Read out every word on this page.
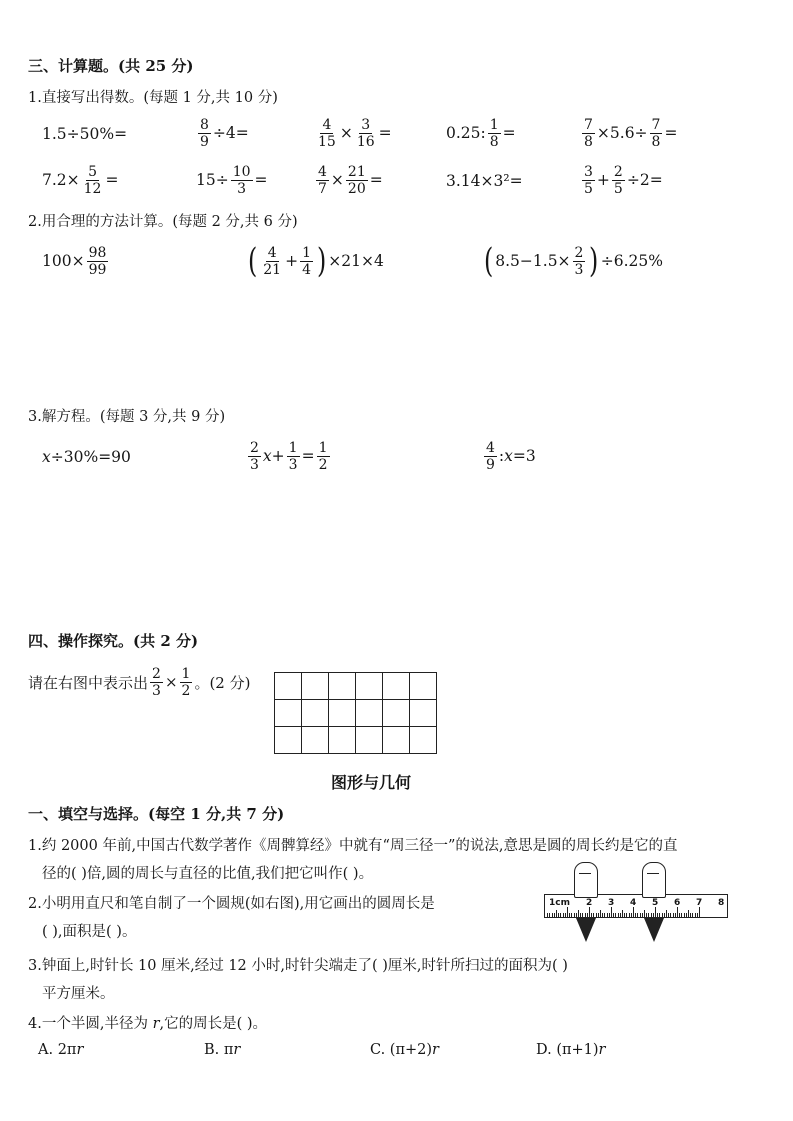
三、计算题。(共 25 分)
1.直接写出得数。(每题 1 分,共 10 分)
1.5÷50%=	$\frac{8}{9} \div 4=$	$\frac{4}{15} \times \frac{3}{16}$ =	0.25: $\frac{1}{8}$ =	$\frac{7}{8} \times 5.6\div \frac{7}{8}$ =
$7.2\times \frac{5}{12}$ =	$15\div \frac{10}{3}$ =	$\frac{4}{7} \times \frac{21}{20}$ =	3.14×3²=	$\frac{3}{5} + \frac{2}{5} \div 2=$
2.用合理的方法计算。(每题 2 分,共 6 分)
$100\times \frac{98}{99}$	( $\frac{4}{21} + \frac{1}{4}$ ) ×21×4	( $8.5-1.5\times \frac{2}{3}$ ) ÷6.25%
3.解方程。(每题 3 分,共 9 分)
x ÷30%=90	$\frac{2}{3}$ $x + \frac{1}{3} = \frac{1}{2}$	$\frac{4}{9}$ : x =3
四、操作探究。(共 2 分)
请在右图中表示出 $\frac{2}{3} \times \frac{1}{2}$ 。(2 分)

图形与几何
一、填空与选择。(每空 1 分,共 7 分)
1.约 2000 年前,中国古代数学著作《周髀算经》中就有“周三径一”的说法,意思是圆的周长约是它的直
径的( )倍,圆的周长与直径的比值,我们把它叫作( )。
2.小明用直尺和笔自制了一个圆规(如右图),用它画出的圆周长是
( ),面积是( )。
1cm 2 3 4 5 6 7 8
3.钟面上,时针长 10 厘米,经过 12 小时,时针尖端走了( )厘米,时针所扫过的面积为( )
平方厘米。
4.一个半圆,半径为 r,它的周长是( )。
A. 2πr	B. πr	C. (π+2)r	D. (π+1)r
